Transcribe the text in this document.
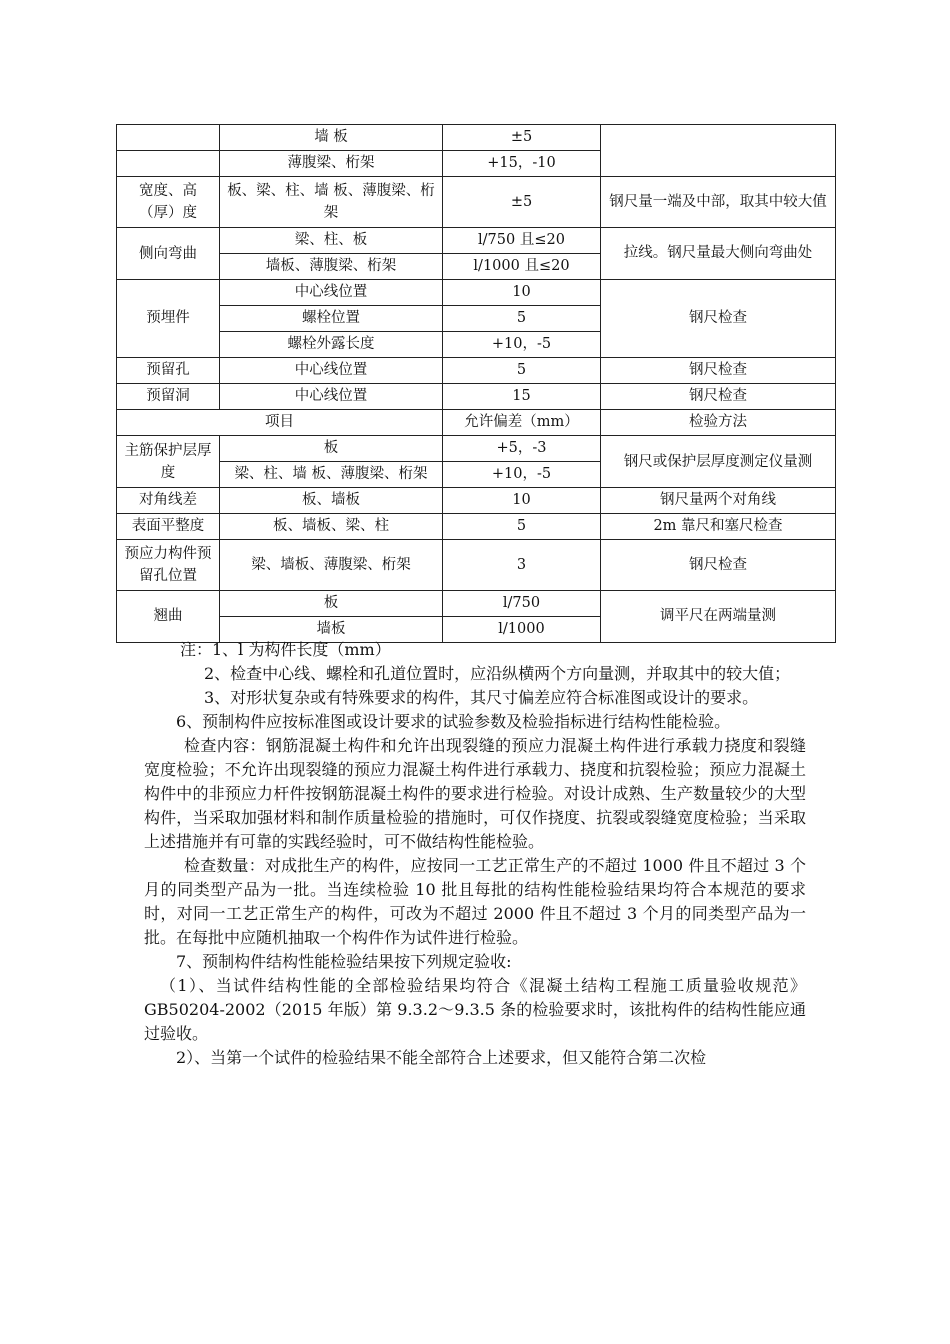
	墙 板	±5	
	薄腹梁、桁架	+15，-10	
宽度、高（厚）度	板、梁、柱、墙 板、薄腹梁、桁架	±5	钢尺量一端及中部，取其中较大值
侧向弯曲	梁、柱、板	l/750 且≤20	拉线。钢尺量最大侧向弯曲处
	墙板、薄腹梁、桁架	l/1000 且≤20	
预埋件	中心线位置	10	钢尺检查
	螺栓位置	5	
	螺栓外露长度	+10，-5	
预留孔	中心线位置	5	钢尺检查
预留洞	中心线位置	15	钢尺检查
项目		允许偏差（mm）	检验方法
主筋保护层厚度	板	+5，-3	钢尺或保护层厚度测定仪量测
	梁、柱、墙 板、薄腹梁、桁架	+10，-5	
对角线差	板、墙板	10	钢尺量两个对角线
表面平整度	板、墙板、梁、柱	5	2m 靠尺和塞尺检查
预应力构件预留孔位置	梁、墙板、薄腹梁、桁架	3	钢尺检查
翘曲	板	l/750	调平尺在两端量测
	墙板	l/1000	

注：1、l 为构件长度（mm）

2、检查中心线、螺栓和孔道位置时，应沿纵横两个方向量测，并取其中的较大值；

3、对形状复杂或有特殊要求的构件，其尺寸偏差应符合标准图或设计的要求。

6、预制构件应按标准图或设计要求的试验参数及检验指标进行结构性能检验。

检查内容：钢筋混凝土构件和允许出现裂缝的预应力混凝土构件进行承载力挠度和裂缝宽度检验；不允许出现裂缝的预应力混凝土构件进行承载力、挠度和抗裂检验；预应力混凝土构件中的非预应力杆件按钢筋混凝土构件的要求进行检验。对设计成熟、生产数量较少的大型构件，当采取加强材料和制作质量检验的措施时，可仅作挠度、抗裂或裂缝宽度检验；当采取上述措施并有可靠的实践经验时，可不做结构性能检验。

检查数量：对成批生产的构件，应按同一工艺正常生产的不超过 1000 件且不超过 3 个月的同类型产品为一批。当连续检验 10 批且每批的结构性能检验结果均符合本规范的要求时，对同一工艺正常生产的构件，可改为不超过 2000 件且不超过 3 个月的同类型产品为一批。在每批中应随机抽取一个构件作为试件进行检验。

7、预制构件结构性能检验结果按下列规定验收:

（1）、当试件结构性能的全部检验结果均符合《混凝土结构工程施工质量验收规范》GB50204-2002（2015 年版）第 9.3.2～9.3.5 条的检验要求时，该批构件的结构性能应通过验收。

2）、当第一个试件的检验结果不能全部符合上述要求，但又能符合第二次检
